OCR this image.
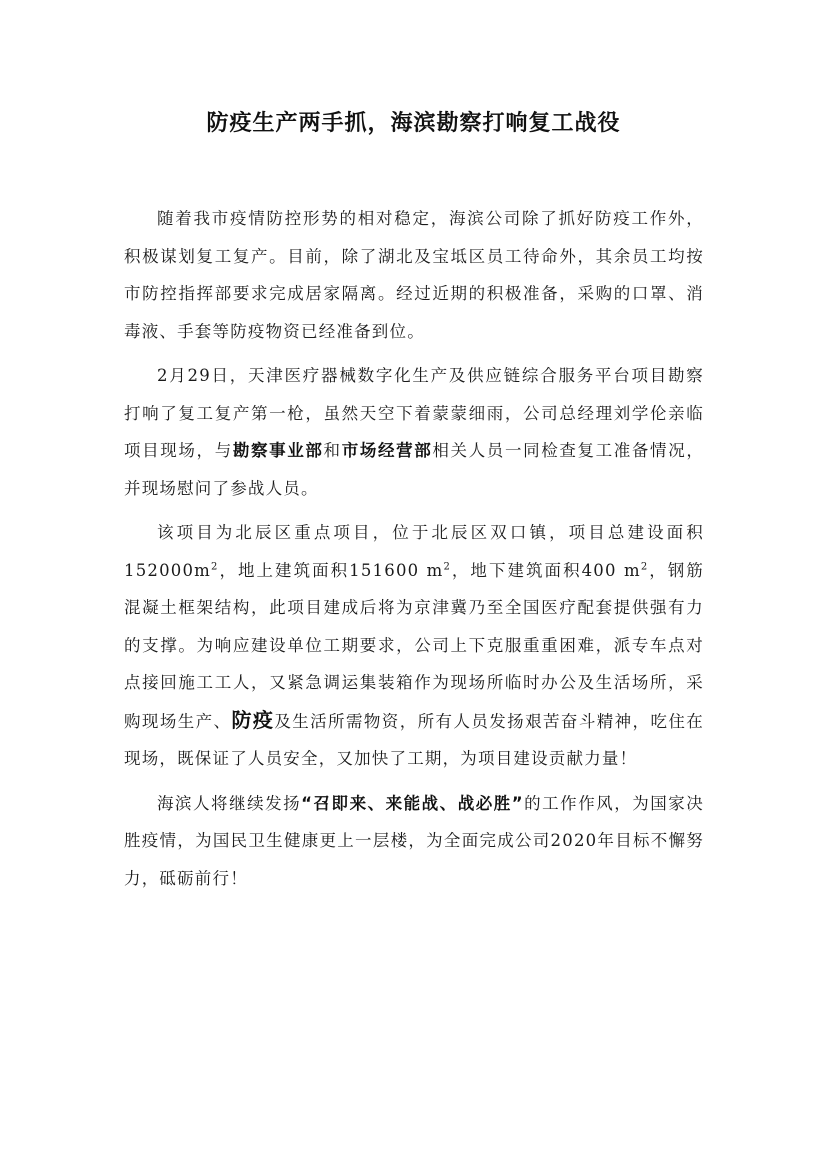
防疫生产两手抓，海滨勘察打响复工战役

随着我市疫情防控形势的相对稳定，海滨公司除了抓好防疫工作外，积极谋划复工复产。目前，除了湖北及宝坻区员工待命外，其余员工均按市防控指挥部要求完成居家隔离。经过近期的积极准备，采购的口罩、消毒液、手套等防疫物资已经准备到位。

2月29日，天津医疗器械数字化生产及供应链综合服务平台项目勘察打响了复工复产第一枪，虽然天空下着蒙蒙细雨，公司总经理刘学伦亲临项目现场，与勘察事业部和市场经营部相关人员一同检查复工准备情况，并现场慰问了参战人员。

该项目为北辰区重点项目，位于北辰区双口镇，项目总建设面积$152000m^2$，地上建筑面积151600 $m^2$，地下建筑面积400 $m^2$，钢筋混凝土框架结构，此项目建成后将为京津冀乃至全国医疗配套提供强有力的支撑。为响应建设单位工期要求，公司上下克服重重困难，派专车点对点接回施工工人，又紧急调运集装箱作为现场所临时办公及生活场所，采购现场生产、防疫及生活所需物资，所有人员发扬艰苦奋斗精神，吃住在现场，既保证了人员安全，又加快了工期，为项目建设贡献力量！

海滨人将继续发扬“召即来、来能战、战必胜”的工作作风，为国家决胜疫情，为国民卫生健康更上一层楼，为全面完成公司2020年目标不懈努力，砥砺前行！
